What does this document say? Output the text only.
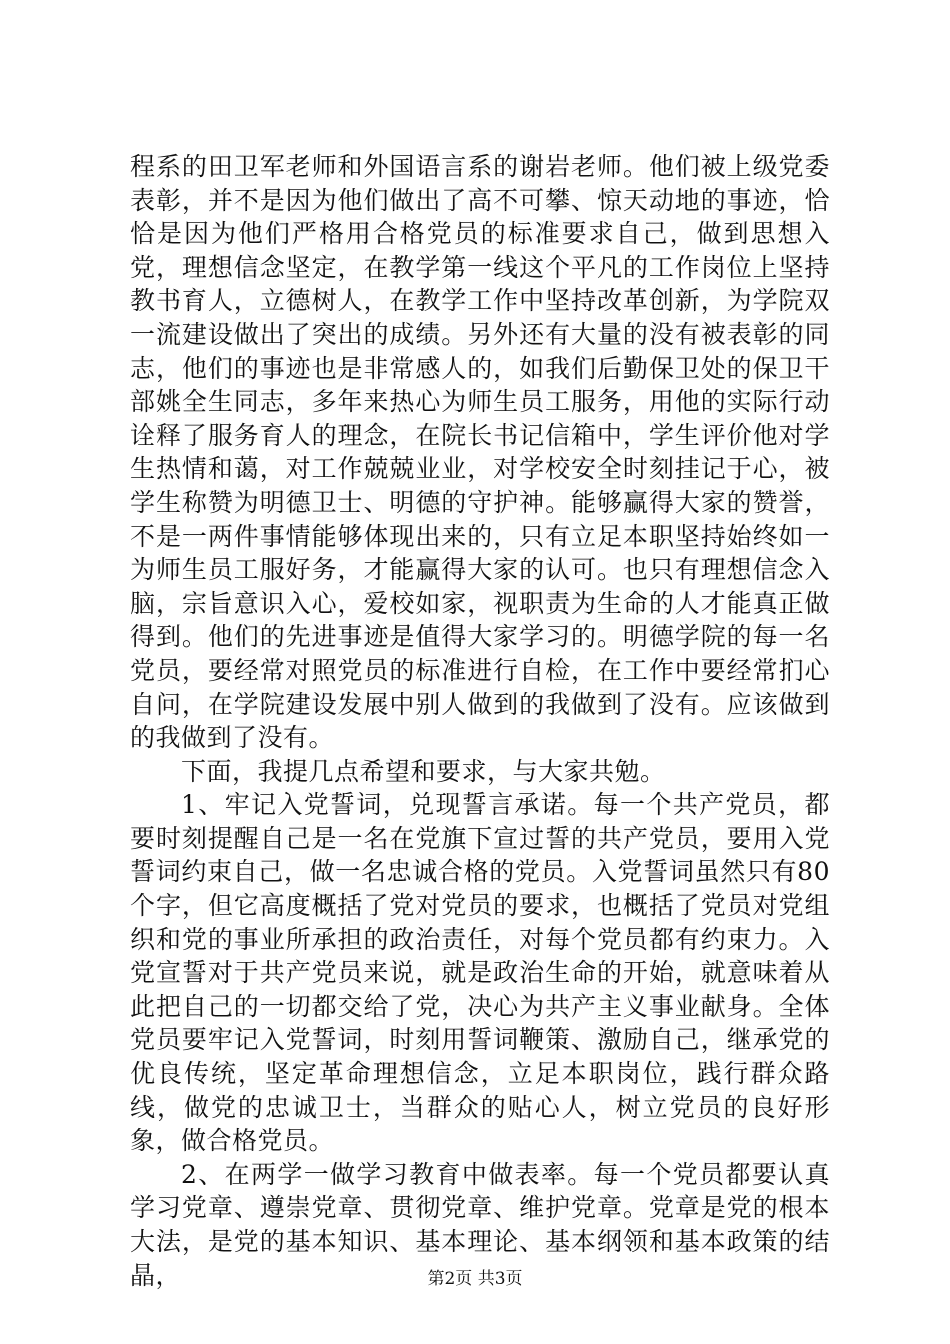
程系的田卫军老师和外国语言系的谢岩老师。他们被上级党委表彰，并不是因为他们做出了高不可攀、惊天动地的事迹，恰恰是因为他们严格用合格党员的标准要求自己，做到思想入党，理想信念坚定，在教学第一线这个平凡的工作岗位上坚持教书育人，立德树人，在教学工作中坚持改革创新，为学院双一流建设做出了突出的成绩。另外还有大量的没有被表彰的同志，他们的事迹也是非常感人的，如我们后勤保卫处的保卫干部姚全生同志，多年来热心为师生员工服务，用他的实际行动诠释了服务育人的理念，在院长书记信箱中，学生评价他对学生热情和蔼，对工作兢兢业业，对学校安全时刻挂记于心，被学生称赞为明德卫士、明德的守护神。能够赢得大家的赞誉，不是一两件事情能够体现出来的，只有立足本职坚持始终如一为师生员工服好务，才能赢得大家的认可。也只有理想信念入脑，宗旨意识入心，爱校如家，视职责为生命的人才能真正做得到。他们的先进事迹是值得大家学习的。明德学院的每一名党员，要经常对照党员的标准进行自检，在工作中要经常扪心自问，在学院建设发展中别人做到的我做到了没有。应该做到的我做到了没有。

下面，我提几点希望和要求，与大家共勉。

1、牢记入党誓词，兑现誓言承诺。每一个共产党员，都要时刻提醒自己是一名在党旗下宣过誓的共产党员，要用入党誓词约束自己，做一名忠诚合格的党员。入党誓词虽然只有80个字，但它高度概括了党对党员的要求，也概括了党员对党组织和党的事业所承担的政治责任，对每个党员都有约束力。入党宣誓对于共产党员来说，就是政治生命的开始，就意味着从此把自己的一切都交给了党，决心为共产主义事业献身。全体党员要牢记入党誓词，时刻用誓词鞭策、激励自己，继承党的优良传统，坚定革命理想信念，立足本职岗位，践行群众路线，做党的忠诚卫士，当群众的贴心人，树立党员的良好形象，做合格党员。

2、在两学一做学习教育中做表率。每一个党员都要认真学习党章、遵崇党章、贯彻党章、维护党章。党章是党的根本大法，是党的基本知识、基本理论、基本纲领和基本政策的结晶，	第2页 共3页
